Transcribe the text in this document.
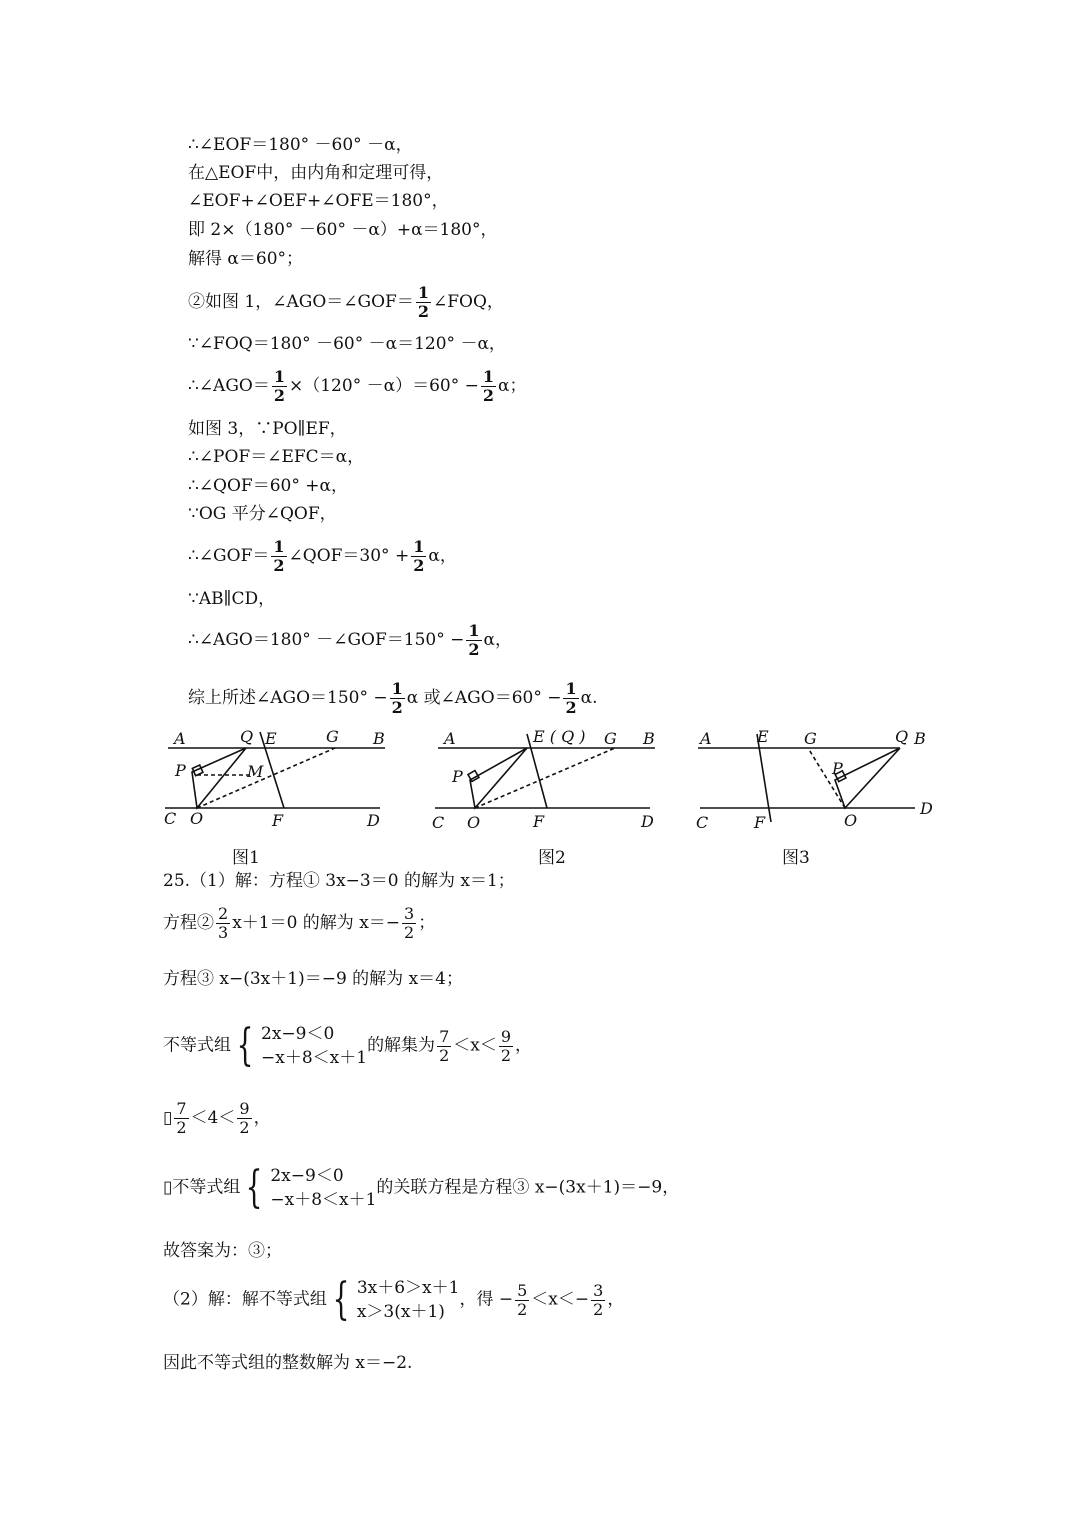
∴∠EOF＝180° －60° －α，
在△EOF中，由内角和定理可得，
∠EOF+∠OEF+∠OFE＝180°，
即 2×（180° －60° －α）+α＝180°，
解得 α＝60°；
②如图 1，∠AGO＝∠GOF＝ $\frac{1}{2}$ ∠FOQ，
∵∠FOQ＝180° －60° －α＝120° －α，
∴∠AGO＝ $\frac{1}{2} \times(120^\circ -\alpha)=60^\circ - \frac{1}{2}$ α；
如图 3，∵PO∥EF，
∴∠POF＝∠EFC＝α，
∴∠QOF＝60° +α，
∵OG 平分∠QOF，
∴∠GOF＝ $\frac{1}{2}$ ∠QOF＝30° + $\frac{1}{2}$ α，
∵AB∥CD，
∴∠AGO＝180° －∠GOF＝150° − $\frac{1}{2}$ α，
综上所述∠AGO＝150° − $\frac{1}{2}$ α 或∠AGO＝60° − $\frac{1}{2} \alpha$.
A	Q E	G B
P	M
C O	F	D
图1
A	E ( Q ) G B
P
C O	F	D
图2
A	E G	Q B
P
C	F	O
D
图3
25.（1）解：方程① 3x−3＝0 的解为 x＝1；
方程② $\frac{2}{3} x+1=0$ 的解为 $x=- \frac{3}{2}$ ；
方程③ x−(3x＋1)＝−9 的解为 x＝4；
不等式组 { 2x−9＜0
−x＋8＜x＋1
的解集为 $\frac{7}{2} <x< \frac{9}{2}$ ，
▯ $\frac{7}{2} <4< \frac{9}{2}$ ，
▯不等式组 { 2x−9＜0
−x＋8＜x＋1
的关联方程是方程③ x−(3x＋1)＝−9，
故答案为：③；
（2）解：解不等式组 { 3x＋6＞x＋1
x＞3(x＋1)
，得 − $\frac{5}{2} <x<- \frac{3}{2}$ ，
因此不等式组的整数解为 x＝−2.
